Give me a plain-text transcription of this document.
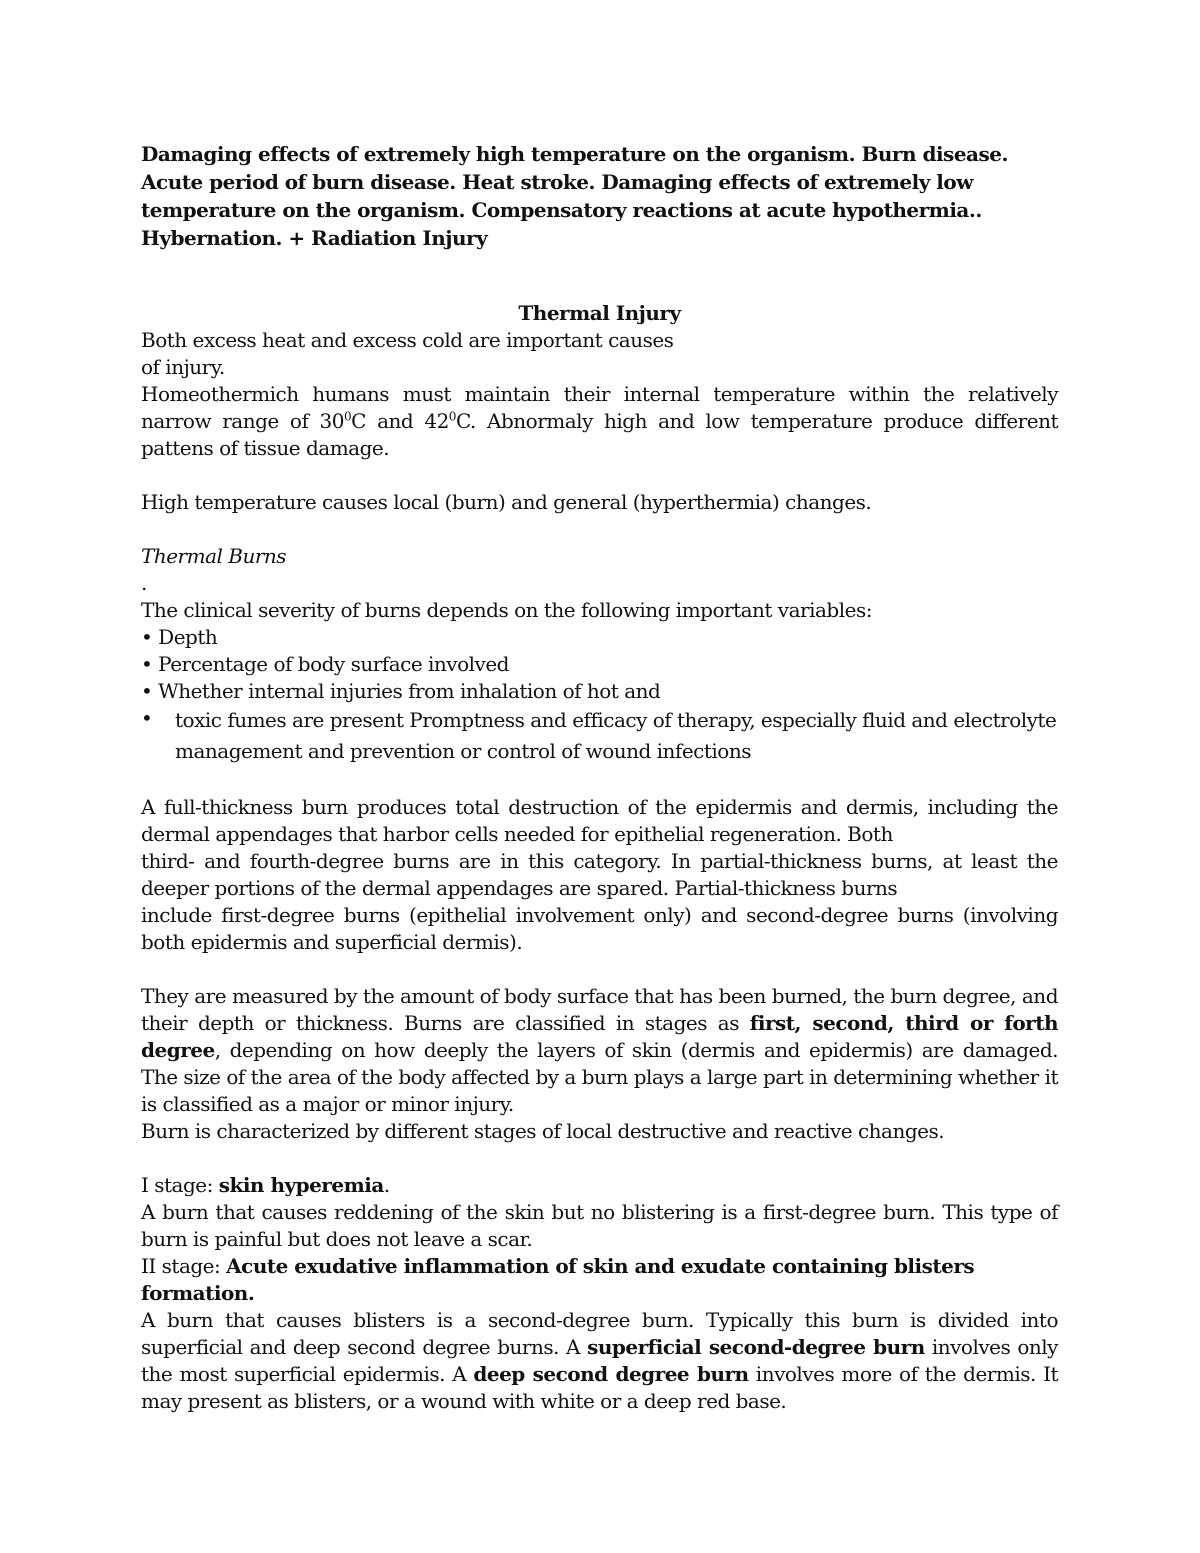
Damaging effects of extremely high temperature on the organism. Burn disease. Acute period of burn disease. Heat stroke. Damaging effects of extremely low temperature on the organism. Compensatory reactions at acute hypothermia.. Hybernation. + Radiation Injury

Thermal Injury

Both excess heat and excess cold are important causes

of injury.

Homeothermich humans must maintain their internal temperature within the relatively narrow range of $30^0C$ and $42^0C$. Abnormaly high and low temperature produce different pattens of tissue damage.

High temperature causes local (burn) and general (hyperthermia) changes.

Thermal Burns

.

The clinical severity of burns depends on the following important variables:

• Depth

• Percentage of body surface involved

• Whether internal injuries from inhalation of hot and

•	toxic fumes are present Promptness and efficacy of therapy, especially fluid and electrolyte management and prevention or control of wound infections

A full-thickness burn produces total destruction of the epidermis and dermis, including the dermal appendages that harbor cells needed for epithelial regeneration. Both

third- and fourth-degree burns are in this category. In partial-thickness burns, at least the deeper portions of the dermal appendages are spared. Partial-thickness burns

include first-degree burns (epithelial involvement only) and second-degree burns (involving both epidermis and superficial dermis).

They are measured by the amount of body surface that has been burned, the burn degree, and their depth or thickness. Burns are classified in stages as first, second, third or forth degree, depending on how deeply the layers of skin (dermis and epidermis) are damaged. The size of the area of the body affected by a burn plays a large part in determining whether it is classified as a major or minor injury.

Burn is characterized by different stages of local destructive and reactive changes.

I stage: skin hyperemia.

A burn that causes reddening of the skin but no blistering is a first-degree burn. This type of burn is painful but does not leave a scar.

II stage: Acute exudative inflammation of skin and exudate containing blisters formation.

A burn that causes blisters is a second-degree burn. Typically this burn is divided into superficial and deep second degree burns. A superficial second-degree burn involves only the most superficial epidermis. A deep second degree burn involves more of the dermis. It may present as blisters, or a wound with white or a deep red base.
